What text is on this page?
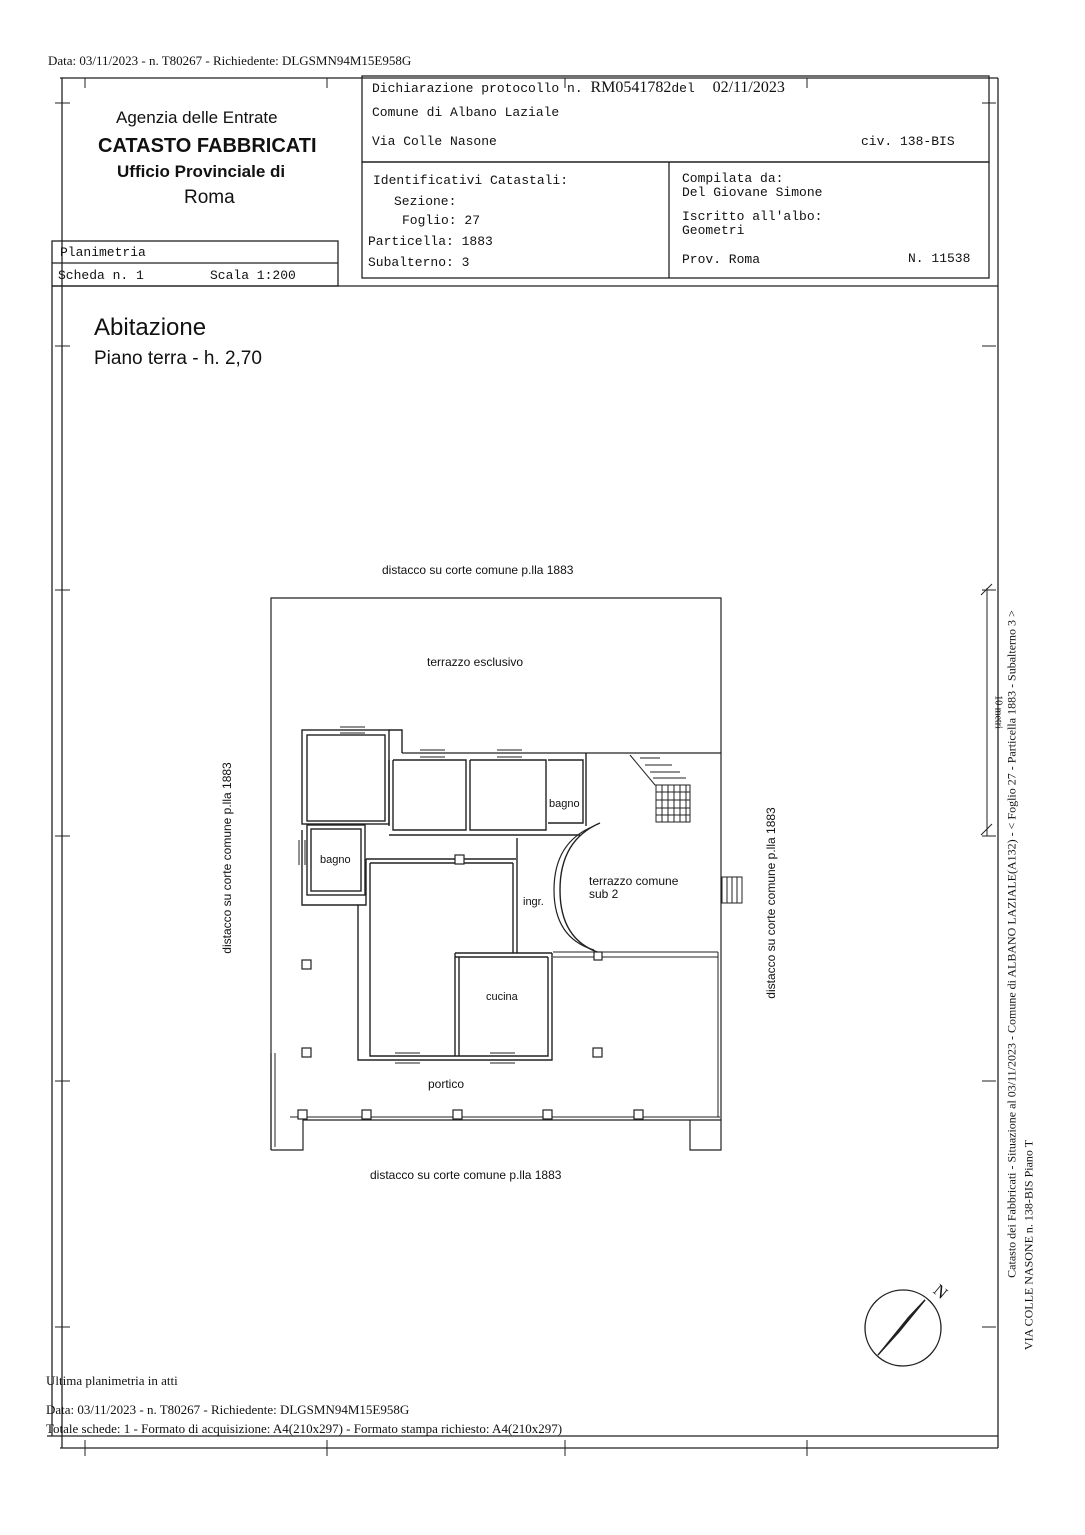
Data: 03/11/2023 - n. T80267 - Richiedente: DLGSMN94M15E958G
Agenzia delle Entrate
CATASTO FABBRICATI
Ufficio Provinciale di
Roma
Dichiarazione protocollo n. RM0541782del 02/11/2023
Comune di Albano Laziale
Via Colle Nasone	civ. 138-BIS
Identificativi Catastali:
Sezione:
Foglio: 27
Particella: 1883
Subalterno: 3
Compilata da:
Del Giovane Simone
Iscritto all'albo:
Geometri
Prov. Roma	N. 11538
Planimetria
Scheda n. 1	Scala 1:200
Abitazione
Piano terra - h. 2,70
distacco su corte comune p.lla 1883
distacco su corte comune p.lla 1883
distacco su corte comune p.lla 1883	distacco su corte comune p.lla 1883
terrazzo esclusivo
bagno
bagno
terrazzo comune
sub 2
ingr.
cucina
portico
10 metri
N
Catasto dei Fabbricati - Situazione al 03/11/2023 - Comune di ALBANO LAZIALE(A132) - < Foglio 27 - Particella 1883 - Subalterno 3 > VIA COLLE NASONE n. 138-BIS Piano T
Ultima planimetria in atti
Data: 03/11/2023 - n. T80267 - Richiedente: DLGSMN94M15E958G
Totale schede: 1 - Formato di acquisizione: A4(210x297) - Formato stampa richiesto: A4(210x297)
